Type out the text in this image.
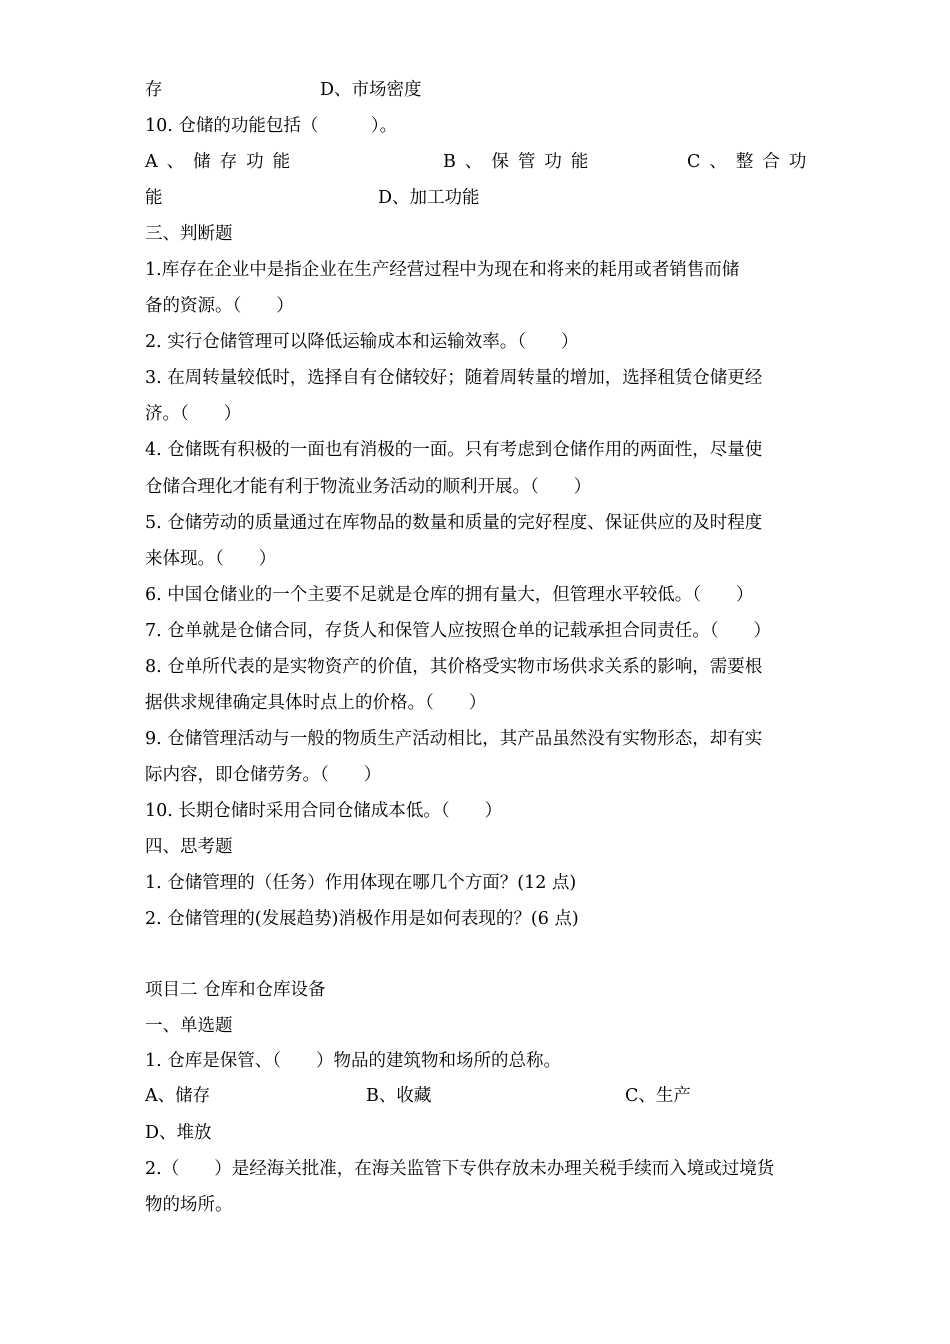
存	D、市场密度
10. 仓储的功能包括（　　　）。
A、储存功能	B、保管功能	C、整合功
能	D、加工功能
三、判断题
1.库存在企业中是指企业在生产经营过程中为现在和将来的耗用或者销售而储
备的资源。（　　）
2. 实行仓储管理可以降低运输成本和运输效率。（　　）
3. 在周转量较低时，选择自有仓储较好；随着周转量的增加，选择租赁仓储更经
济。（　　）
4. 仓储既有积极的一面也有消极的一面。只有考虑到仓储作用的两面性，尽量使
仓储合理化才能有利于物流业务活动的顺利开展。（　　）
5. 仓储劳动的质量通过在库物品的数量和质量的完好程度、保证供应的及时程度
来体现。（　　）
6. 中国仓储业的一个主要不足就是仓库的拥有量大，但管理水平较低。（　　）
7. 仓单就是仓储合同，存货人和保管人应按照仓单的记载承担合同责任。（　　）
8. 仓单所代表的是实物资产的价值，其价格受实物市场供求关系的影响，需要根
据供求规律确定具体时点上的价格。（　　）
9. 仓储管理活动与一般的物质生产活动相比，其产品虽然没有实物形态，却有实
际内容，即仓储劳务。（　　）
10. 长期仓储时采用合同仓储成本低。（　　）
四、思考题
1. 仓储管理的（任务）作用体现在哪几个方面？(12 点)
2. 仓储管理的(发展趋势)消极作用是如何表现的？(6 点)
项目二 仓库和仓库设备
一、单选题
1. 仓库是保管、（　　）物品的建筑物和场所的总称。
A、储存	B、收藏	C、生产
D、堆放
2.（　　）是经海关批准，在海关监管下专供存放未办理关税手续而入境或过境货
物的场所。
